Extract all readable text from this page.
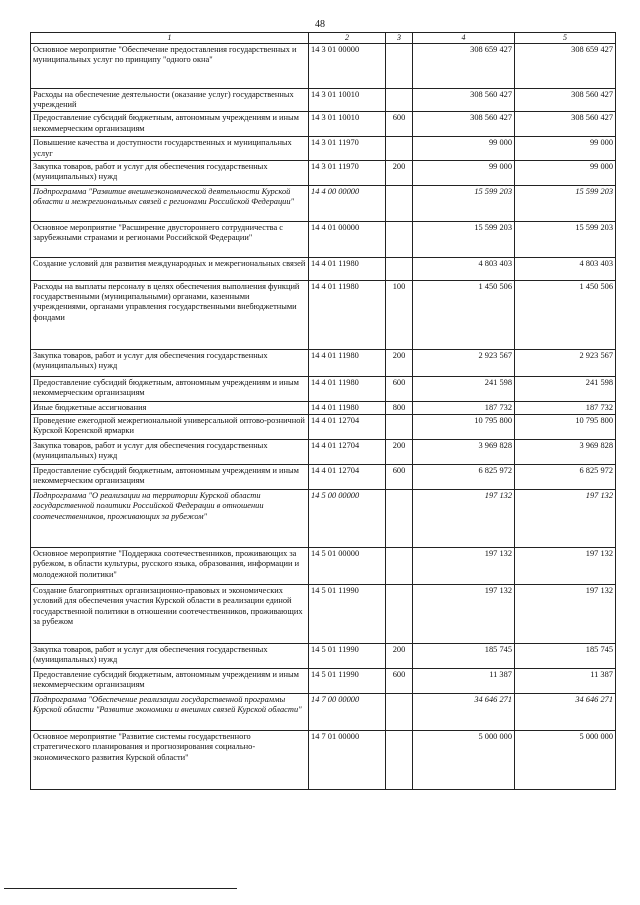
48
1	2	3	4	5
Основное мероприятие "Обеспечение предоставления государственных и муниципальных услуг по принципу "одного окна"	14 3 01 00000		308 659 427	308 659 427
Расходы на обеспечение деятельности (оказание услуг) государственных учреждений	14 3 01 10010		308 560 427	308 560 427
Предоставление субсидий бюджетным, автономным учреждениям и иным некоммерческим организациям	14 3 01 10010	600	308 560 427	308 560 427
Повышение качества и доступности государственных и муниципальных услуг	14 3 01 11970		99 000	99 000
Закупка товаров, работ и услуг для обеспечения государственных (муниципальных) нужд	14 3 01 11970	200	99 000	99 000
Подпрограмма "Развитие внешнеэкономической деятельности Курской области и межрегиональных связей с регионами Российской Федерации"	14 4 00 00000		15 599 203	15 599 203
Основное мероприятие "Расширение двустороннего сотрудничества с зарубежными странами и регионами Российской Федерации"	14 4 01 00000		15 599 203	15 599 203
Создание условий для развития международных и межрегиональных связей	14 4 01 11980		4 803 403	4 803 403
Расходы на выплаты персоналу в целях обеспечения выполнения функций государственными (муниципальными) органами, казенными учреждениями, органами управления государственными внебюджетными фондами	14 4 01 11980	100	1 450 506	1 450 506
Закупка товаров, работ и услуг для обеспечения государственных (муниципальных) нужд	14 4 01 11980	200	2 923 567	2 923 567
Предоставление субсидий бюджетным, автономным учреждениям и иным некоммерческим организациям	14 4 01 11980	600	241 598	241 598
Иные бюджетные ассигнования	14 4 01 11980	800	187 732	187 732
Проведение ежегодной межрегиональной универсальной оптово-розничной Курской Коренской ярмарки	14 4 01 12704		10 795 800	10 795 800
Закупка товаров, работ и услуг для обеспечения государственных (муниципальных) нужд	14 4 01 12704	200	3 969 828	3 969 828
Предоставление субсидий бюджетным, автономным учреждениям и иным некоммерческим организациям	14 4 01 12704	600	6 825 972	6 825 972
Подпрограмма "О реализации на территории Курской области государственной политики Российской Федерации в отношении соотечественников, проживающих за рубежом"	14 5 00 00000		197 132	197 132
Основное мероприятие "Поддержка соотечественников, проживающих за рубежом, в области культуры, русского языка, образования, информации и молодежной политики"	14 5 01 00000		197 132	197 132
Создание благоприятных организационно-правовых и экономических условий для обеспечения участия Курской области в реализации единой государственной политики в отношении соотечественников, проживающих за рубежом	14 5 01 11990		197 132	197 132
Закупка товаров, работ и услуг для обеспечения государственных (муниципальных) нужд	14 5 01 11990	200	185 745	185 745
Предоставление субсидий бюджетным, автономным учреждениям и иным некоммерческим организациям	14 5 01 11990	600	11 387	11 387
Подпрограмма "Обеспечение реализации государственной программы Курской области "Развитие экономики и внешних связей Курской области"	14 7 00 00000		34 646 271	34 646 271
Основное мероприятие "Развитие системы государственного стратегического планирования и прогнозирования социально-экономического развития Курской области"	14 7 01 00000		5 000 000	5 000 000
